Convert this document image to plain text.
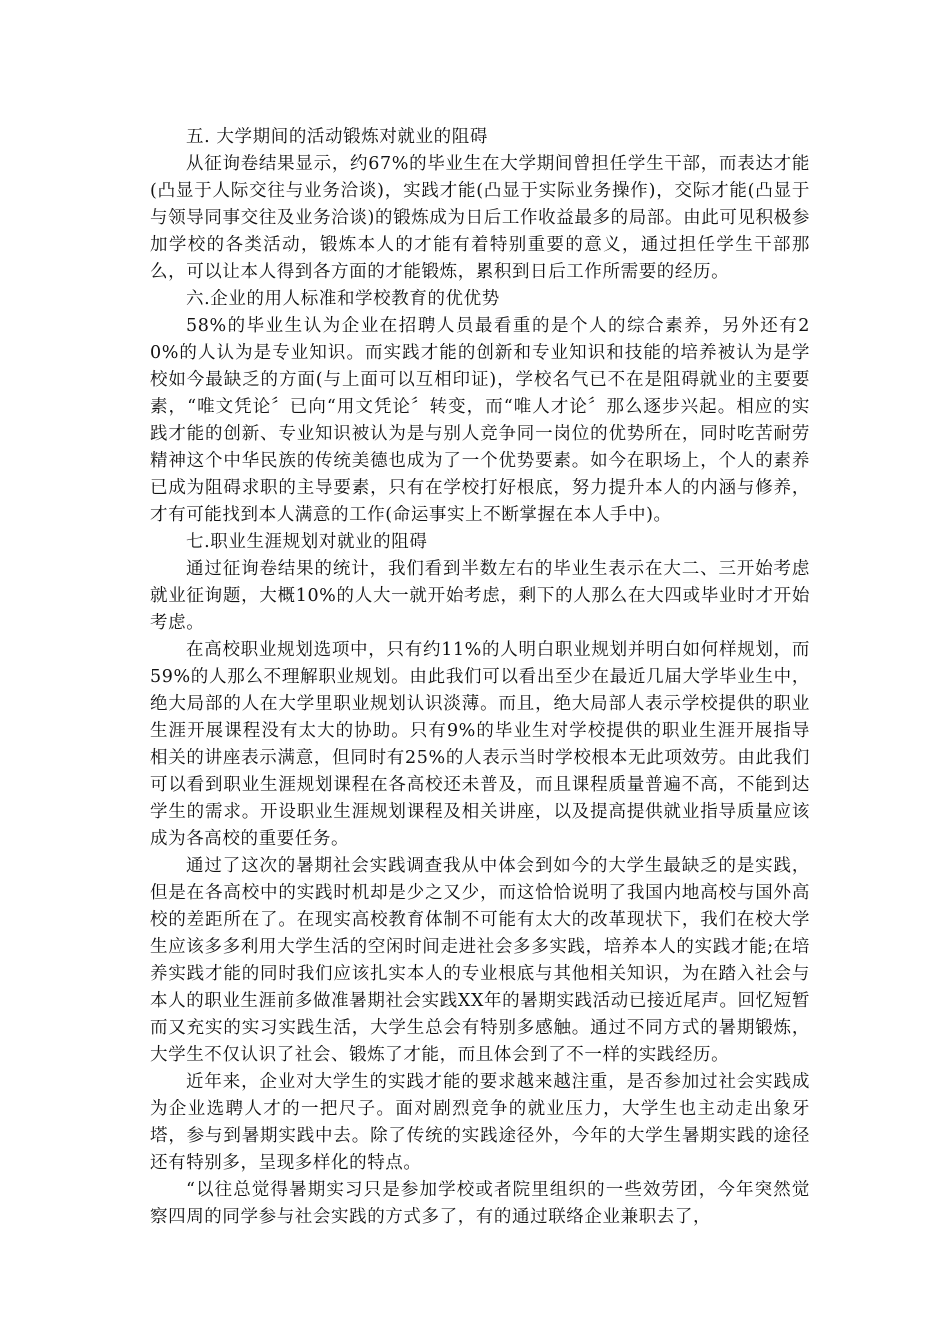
五. 大学期间的活动锻炼对就业的阻碍

从征询卷结果显示，约67%的毕业生在大学期间曾担任学生干部，而表达才能(凸显于人际交往与业务洽谈)，实践才能(凸显于实际业务操作)，交际才能(凸显于与领导同事交往及业务洽谈)的锻炼成为日后工作收益最多的局部。由此可见积极参加学校的各类活动，锻炼本人的才能有着特别重要的意义，通过担任学生干部那么，可以让本人得到各方面的才能锻炼，累积到日后工作所需要的经历。

六.企业的用人标准和学校教育的优优势

58%的毕业生认为企业在招聘人员最看重的是个人的综合素养，另外还有20%的人认为是专业知识。而实践才能的创新和专业知识和技能的培养被认为是学校如今最缺乏的方面(与上面可以互相印证)，学校名气已不在是阻碍就业的主要要素，“唯文凭论〞已向“用文凭论〞转变，而“唯人才论〞那么逐步兴起。相应的实践才能的创新、专业知识被认为是与别人竞争同一岗位的优势所在，同时吃苦耐劳精神这个中华民族的传统美德也成为了一个优势要素。如今在职场上，个人的素养已成为阻碍求职的主导要素，只有在学校打好根底，努力提升本人的内涵与修养，才有可能找到本人满意的工作(命运事实上不断掌握在本人手中)。

七.职业生涯规划对就业的阻碍

通过征询卷结果的统计，我们看到半数左右的毕业生表示在大二、三开始考虑就业征询题，大概10%的人大一就开始考虑，剩下的人那么在大四或毕业时才开始考虑。

在高校职业规划选项中，只有约11%的人明白职业规划并明白如何样规划，而59%的人那么不理解职业规划。由此我们可以看出至少在最近几届大学毕业生中，绝大局部的人在大学里职业规划认识淡薄。而且，绝大局部人表示学校提供的职业生涯开展课程没有太大的协助。只有9%的毕业生对学校提供的职业生涯开展指导相关的讲座表示满意，但同时有25%的人表示当时学校根本无此项效劳。由此我们可以看到职业生涯规划课程在各高校还未普及，而且课程质量普遍不高，不能到达学生的需求。开设职业生涯规划课程及相关讲座，以及提高提供就业指导质量应该成为各高校的重要任务。

通过了这次的暑期社会实践调查我从中体会到如今的大学生最缺乏的是实践，但是在各高校中的实践时机却是少之又少，而这恰恰说明了我国内地高校与国外高校的差距所在了。在现实高校教育体制不可能有太大的改革现状下，我们在校大学生应该多多利用大学生活的空闲时间走进社会多多实践，培养本人的实践才能;在培养实践才能的同时我们应该扎实本人的专业根底与其他相关知识，为在踏入社会与本人的职业生涯前多做准暑期社会实践XX年的暑期实践活动已接近尾声。回忆短暂而又充实的实习实践生活，大学生总会有特别多感触。通过不同方式的暑期锻炼，大学生不仅认识了社会、锻炼了才能，而且体会到了不一样的实践经历。

近年来，企业对大学生的实践才能的要求越来越注重，是否参加过社会实践成为企业选聘人才的一把尺子。面对剧烈竞争的就业压力，大学生也主动走出象牙塔，参与到暑期实践中去。除了传统的实践途径外，今年的大学生暑期实践的途径还有特别多，呈现多样化的特点。

“以往总觉得暑期实习只是参加学校或者院里组织的一些效劳团，今年突然觉察四周的同学参与社会实践的方式多了，有的通过联络企业兼职去了，
